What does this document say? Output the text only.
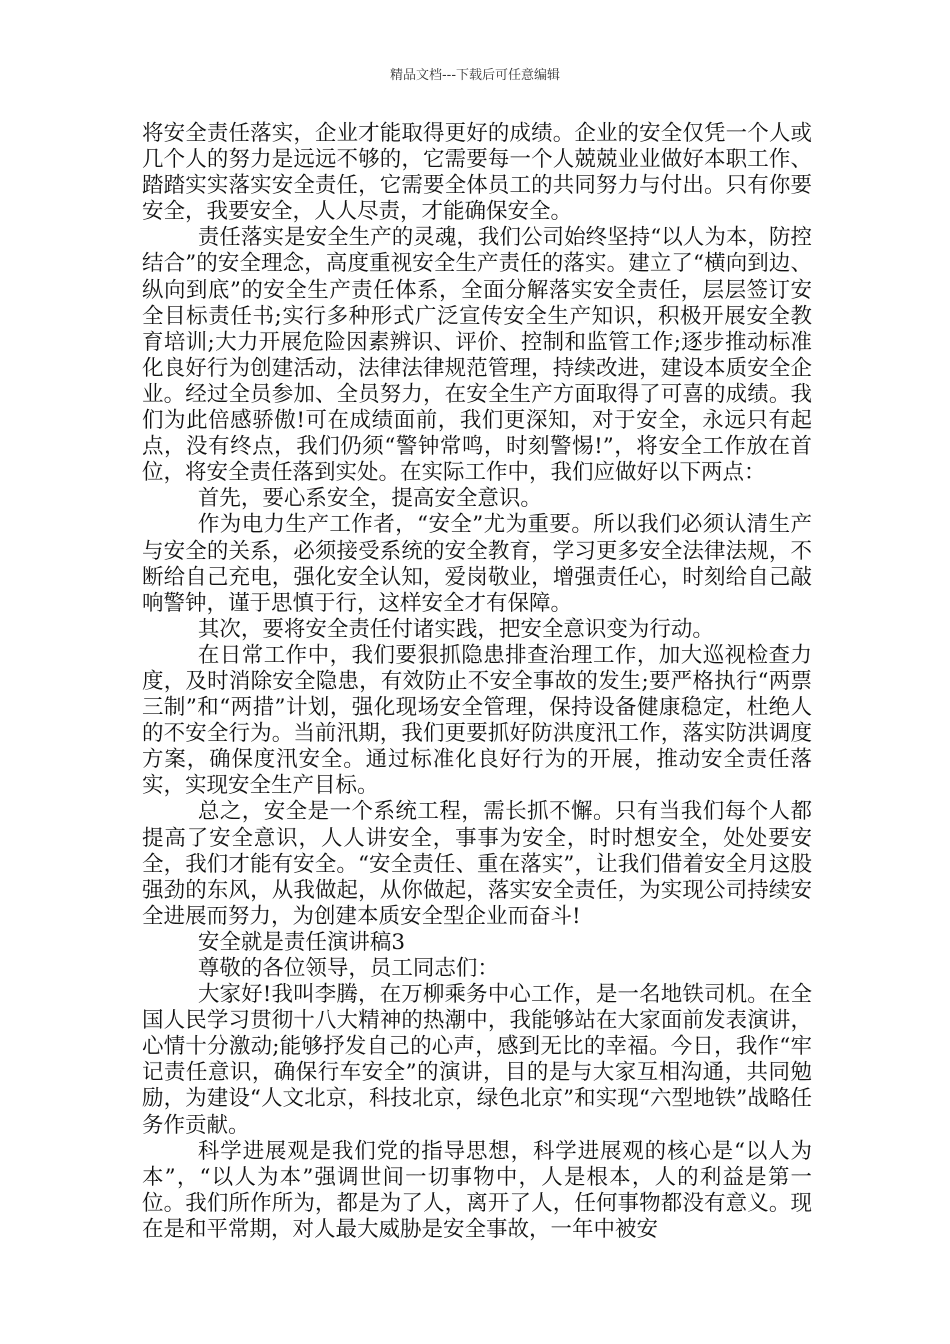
精品文档---下载后可任意编辑

将安全责任落实，企业才能取得更好的成绩。企业的安全仅凭一个人或几个人的努力是远远不够的，它需要每一个人兢兢业业做好本职工作、踏踏实实落实安全责任，它需要全体员工的共同努力与付出。只有你要安全，我要安全，人人尽责，才能确保安全。

责任落实是安全生产的灵魂，我们公司始终坚持“以人为本，防控结合”的安全理念，高度重视安全生产责任的落实。建立了“横向到边、纵向到底”的安全生产责任体系，全面分解落实安全责任，层层签订安全目标责任书;实行多种形式广泛宣传安全生产知识，积极开展安全教育培训;大力开展危险因素辨识、评价、控制和监管工作;逐步推动标准化良好行为创建活动，法律法律规范管理，持续改进，建设本质安全企业。经过全员参加、全员努力，在安全生产方面取得了可喜的成绩。我们为此倍感骄傲!可在成绩面前，我们更深知，对于安全，永远只有起点，没有终点，我们仍须“警钟常鸣，时刻警惕!”，将安全工作放在首位，将安全责任落到实处。在实际工作中，我们应做好以下两点：

首先，要心系安全，提高安全意识。

作为电力生产工作者，“安全”尤为重要。所以我们必须认清生产与安全的关系，必须接受系统的安全教育，学习更多安全法律法规，不断给自己充电，强化安全认知，爱岗敬业，增强责任心，时刻给自己敲响警钟，谨于思慎于行，这样安全才有保障。

其次，要将安全责任付诸实践，把安全意识变为行动。

在日常工作中，我们要狠抓隐患排查治理工作，加大巡视检查力度，及时消除安全隐患，有效防止不安全事故的发生;要严格执行“两票三制”和“两措”计划，强化现场安全管理，保持设备健康稳定，杜绝人的不安全行为。当前汛期，我们更要抓好防洪度汛工作，落实防洪调度方案，确保度汛安全。通过标准化良好行为的开展，推动安全责任落实，实现安全生产目标。

总之，安全是一个系统工程，需长抓不懈。只有当我们每个人都提高了安全意识，人人讲安全，事事为安全，时时想安全，处处要安全，我们才能有安全。“安全责任、重在落实”，让我们借着安全月这股强劲的东风，从我做起，从你做起，落实安全责任，为实现公司持续安全进展而努力，为创建本质安全型企业而奋斗!

安全就是责任演讲稿3

尊敬的各位领导，员工同志们：

大家好!我叫李腾，在万柳乘务中心工作，是一名地铁司机。在全国人民学习贯彻十八大精神的热潮中，我能够站在大家面前发表演讲，心情十分激动;能够抒发自己的心声，感到无比的幸福。今日，我作“牢记责任意识，确保行车安全”的演讲，目的是与大家互相沟通，共同勉励，为建设“人文北京，科技北京，绿色北京”和实现“六型地铁”战略任务作贡献。

科学进展观是我们党的指导思想，科学进展观的核心是“以人为本”，“以人为本”强调世间一切事物中，人是根本，人的利益是第一位。我们所作所为，都是为了人，离开了人，任何事物都没有意义。现在是和平常期，对人最大威胁是安全事故，一年中被安
